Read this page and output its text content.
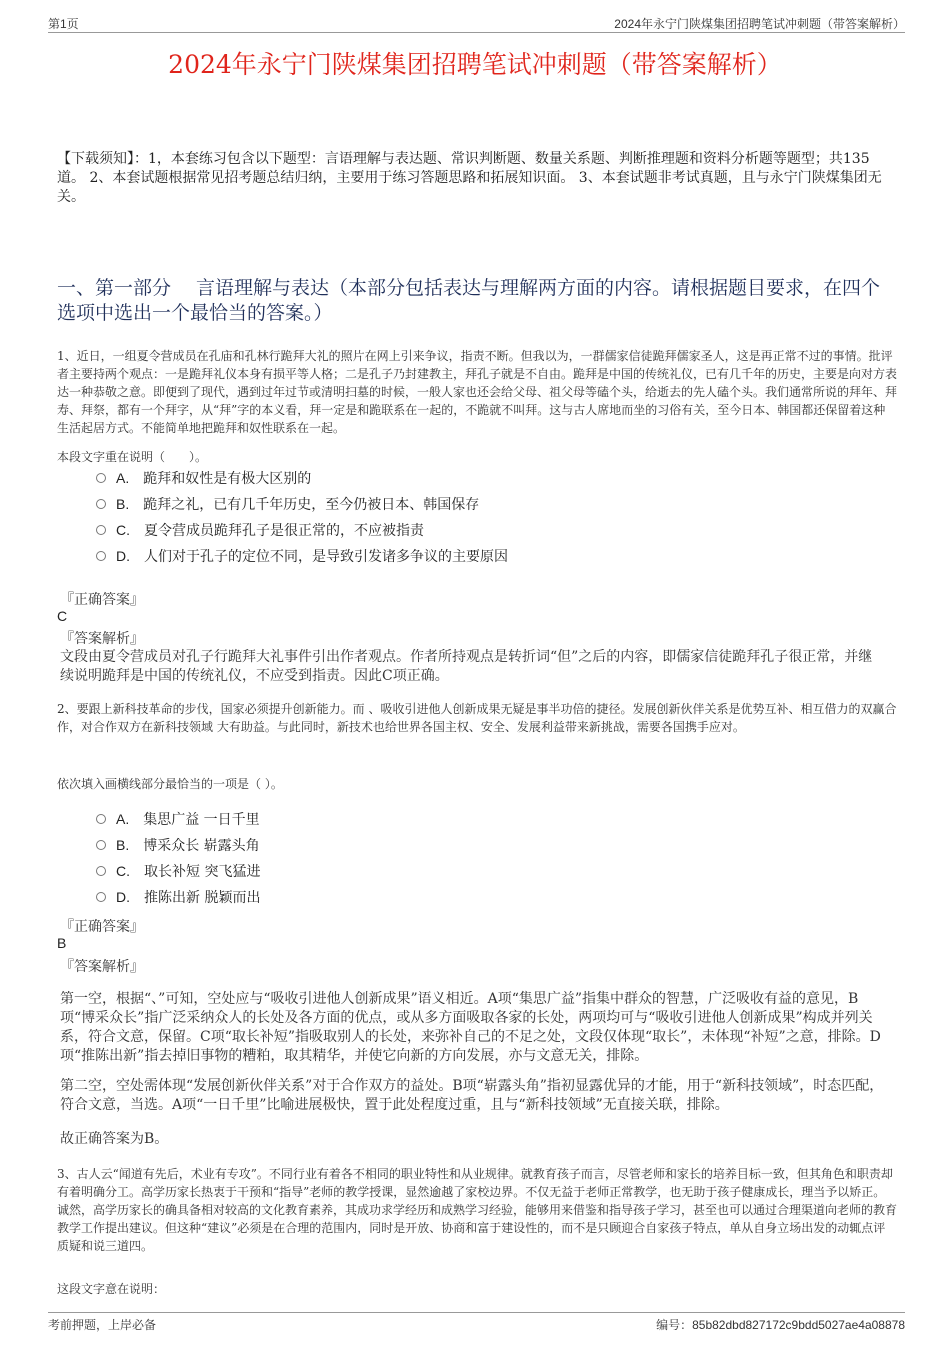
第1页	2024年永宁门陕煤集团招聘笔试冲刺题（带答案解析）
2024年永宁门陕煤集团招聘笔试冲刺题（带答案解析）
【下载须知】：1，本套练习包含以下题型：言语理解与表达题、常识判断题、数量关系题、判断推理题和资料分析题等题型；共135道。 2、本套试题根据常见招考题总结归纳，主要用于练习答题思路和拓展知识面。 3、本套试题非考试真题，且与永宁门陕煤集团无关。
一、第一部分　 言语理解与表达（本部分包括表达与理解两方面的内容。请根据题目要求，在四个选项中选出一个最恰当的答案。）
1、近日，一组夏令营成员在孔庙和孔林行跪拜大礼的照片在网上引来争议，指责不断。但我以为，一群儒家信徒跪拜儒家圣人，这是再正常不过的事情。批评者主要持两个观点：一是跪拜礼仪本身有损平等人格；二是孔子乃封建教主，拜孔子就是不自由。跪拜是中国的传统礼仪，已有几千年的历史，主要是向对方表达一种恭敬之意。即便到了现代，遇到过年过节或清明扫墓的时候，一般人家也还会给父母、祖父母等磕个头，给逝去的先人磕个头。我们通常所说的拜年、拜寿、拜祭，都有一个拜字，从“拜”字的本义看，拜一定是和跪联系在一起的，不跪就不叫拜。这与古人席地而坐的习俗有关，至今日本、韩国都还保留着这种生活起居方式。不能简单地把跪拜和奴性联系在一起。
本段文字重在说明（　　）。
A. 跪拜和奴性是有极大区别的
B. 跪拜之礼，已有几千年历史，至今仍被日本、韩国保存
C. 夏令营成员跪拜孔子是很正常的，不应被指责
D. 人们对于孔子的定位不同，是导致引发诸多争议的主要原因
『正确答案』
C
『答案解析』
文段由夏令营成员对孔子行跪拜大礼事件引出作者观点。作者所持观点是转折词“但”之后的内容，即儒家信徒跪拜孔子很正常，并继续说明跪拜是中国的传统礼仪，不应受到指责。因此C项正确。
2、要跟上新科技革命的步伐，国家必须提升创新能力。而 、吸收引进他人创新成果无疑是事半功倍的捷径。发展创新伙伴关系是优势互补、相互借力的双赢合作，对合作双方在新科技领域 大有助益。与此同时，新技术也给世界各国主权、安全、发展利益带来新挑战，需要各国携手应对。
依次填入画横线部分最恰当的一项是（ ）。
A. 集思广益 一日千里
B. 博采众长 崭露头角
C. 取长补短 突飞猛进
D. 推陈出新 脱颖而出
『正确答案』
B
『答案解析』
第一空，根据“、”可知，空处应与“吸收引进他人创新成果”语义相近。A项“集思广益”指集中群众的智慧，广泛吸收有益的意见，B项“博采众长”指广泛采纳众人的长处及各方面的优点，或从多方面吸取各家的长处，两项均可与“吸收引进他人创新成果”构成并列关系，符合文意，保留。C项“取长补短”指吸取别人的长处，来弥补自己的不足之处，文段仅体现“取长”，未体现“补短”之意，排除。D项“推陈出新”指去掉旧事物的糟粕，取其精华，并使它向新的方向发展，亦与文意无关，排除。
第二空，空处需体现“发展创新伙伴关系”对于合作双方的益处。B项“崭露头角”指初显露优异的才能，用于“新科技领域”，时态匹配，符合文意，当选。A项“一日千里”比喻进展极快，置于此处程度过重，且与“新科技领域”无直接关联，排除。
故正确答案为B。
3、古人云“闻道有先后，术业有专攻”。不同行业有着各不相同的职业特性和从业规律。就教育孩子而言，尽管老师和家长的培养目标一致，但其角色和职责却有着明确分工。高学历家长热衷于干预和“指导”老师的教学授课，显然逾越了家校边界。不仅无益于老师正常教学，也无助于孩子健康成长，理当予以矫正。诚然，高学历家长的确具备相对较高的文化教育素养，其成功求学经历和成熟学习经验，能够用来借鉴和指导孩子学习，甚至也可以通过合理渠道向老师的教育教学工作提出建议。但这种“建议”必须是在合理的范围内，同时是开放、协商和富于建设性的，而不是只顾迎合自家孩子特点，单从自身立场出发的动辄点评质疑和说三道四。
这段文字意在说明：
考前押题，上岸必备	编号：85b82dbd827172c9bdd5027ae4a08878
